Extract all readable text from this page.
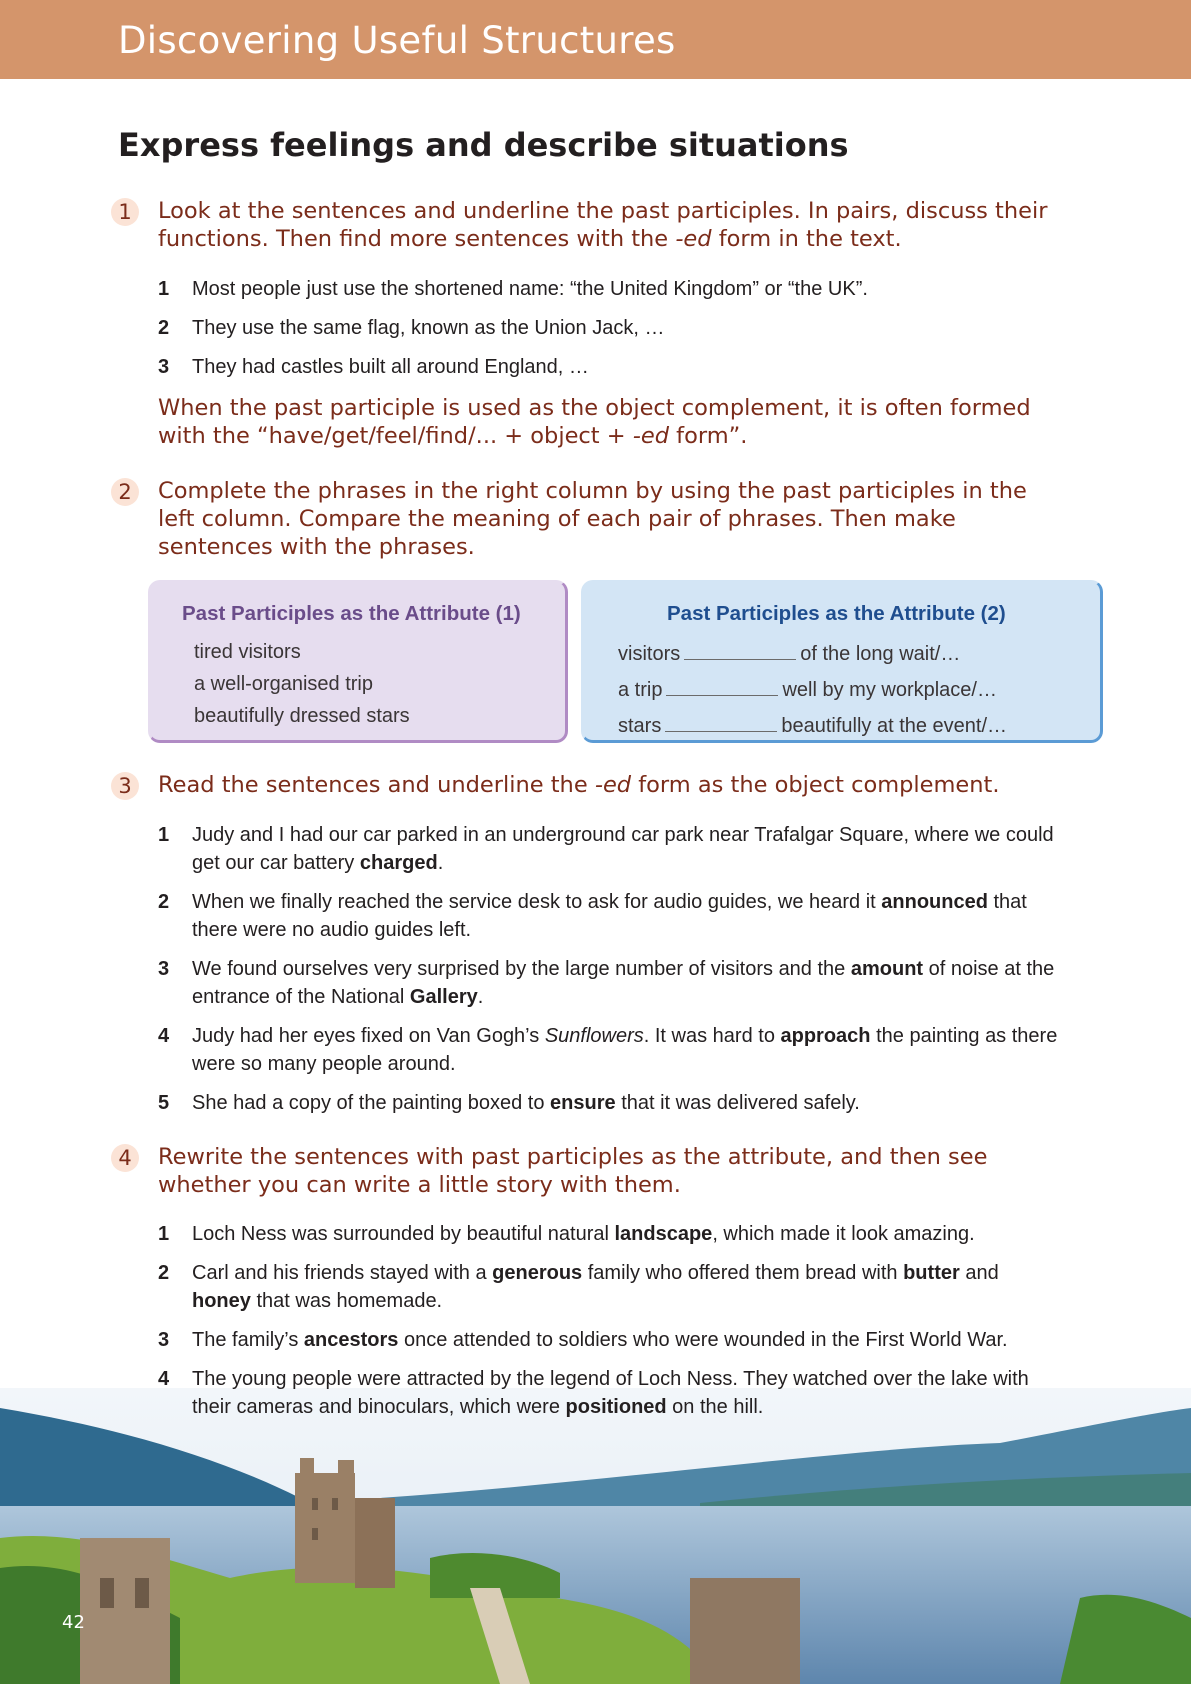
Discovering Useful Structures
Express feelings and describe situations
1	Look at the sentences and underline the past participles. In pairs, discuss their functions. Then find more sentences with the -ed form in the text.
1 Most people just use the shortened name: “the United Kingdom” or “the UK”.
2 They use the same flag, known as the Union Jack, …
3 They had castles built all around England, …
When the past participle is used as the object complement, it is often formed with the “have/get/feel/find/... + object + -ed form”.
2	Complete the phrases in the right column by using the past participles in the left column. Compare the meaning of each pair of phrases. Then make sentences with the phrases.
Past Participles as the Attribute (1)
tired visitors
a well-organised trip
beautifully dressed stars
Past Participles as the Attribute (2)
visitors	of the long wait/…
a trip	well by my workplace/…
stars	beautifully at the event/…
3	Read the sentences and underline the -ed form as the object complement.
1 Judy and I had our car parked in an underground car park near Trafalgar Square, where we could get our car battery charged.
2 When we finally reached the service desk to ask for audio guides, we heard it announced that there were no audio guides left.
3 We found ourselves very surprised by the large number of visitors and the amount of noise at the entrance of the National Gallery.
4 Judy had her eyes fixed on Van Gogh’s Sunflowers. It was hard to approach the painting as there were so many people around.
5 She had a copy of the painting boxed to ensure that it was delivered safely.
4	Rewrite the sentences with past participles as the attribute, and then see whether you can write a little story with them.
1 Loch Ness was surrounded by beautiful natural landscape, which made it look amazing.
2 Carl and his friends stayed with a generous family who offered them bread with butter and honey that was homemade.
3 The family’s ancestors once attended to soldiers who were wounded in the First World War.
4 The young people were attracted by the legend of Loch Ness. They watched over the lake with their cameras and binoculars, which were positioned on the hill.
42
